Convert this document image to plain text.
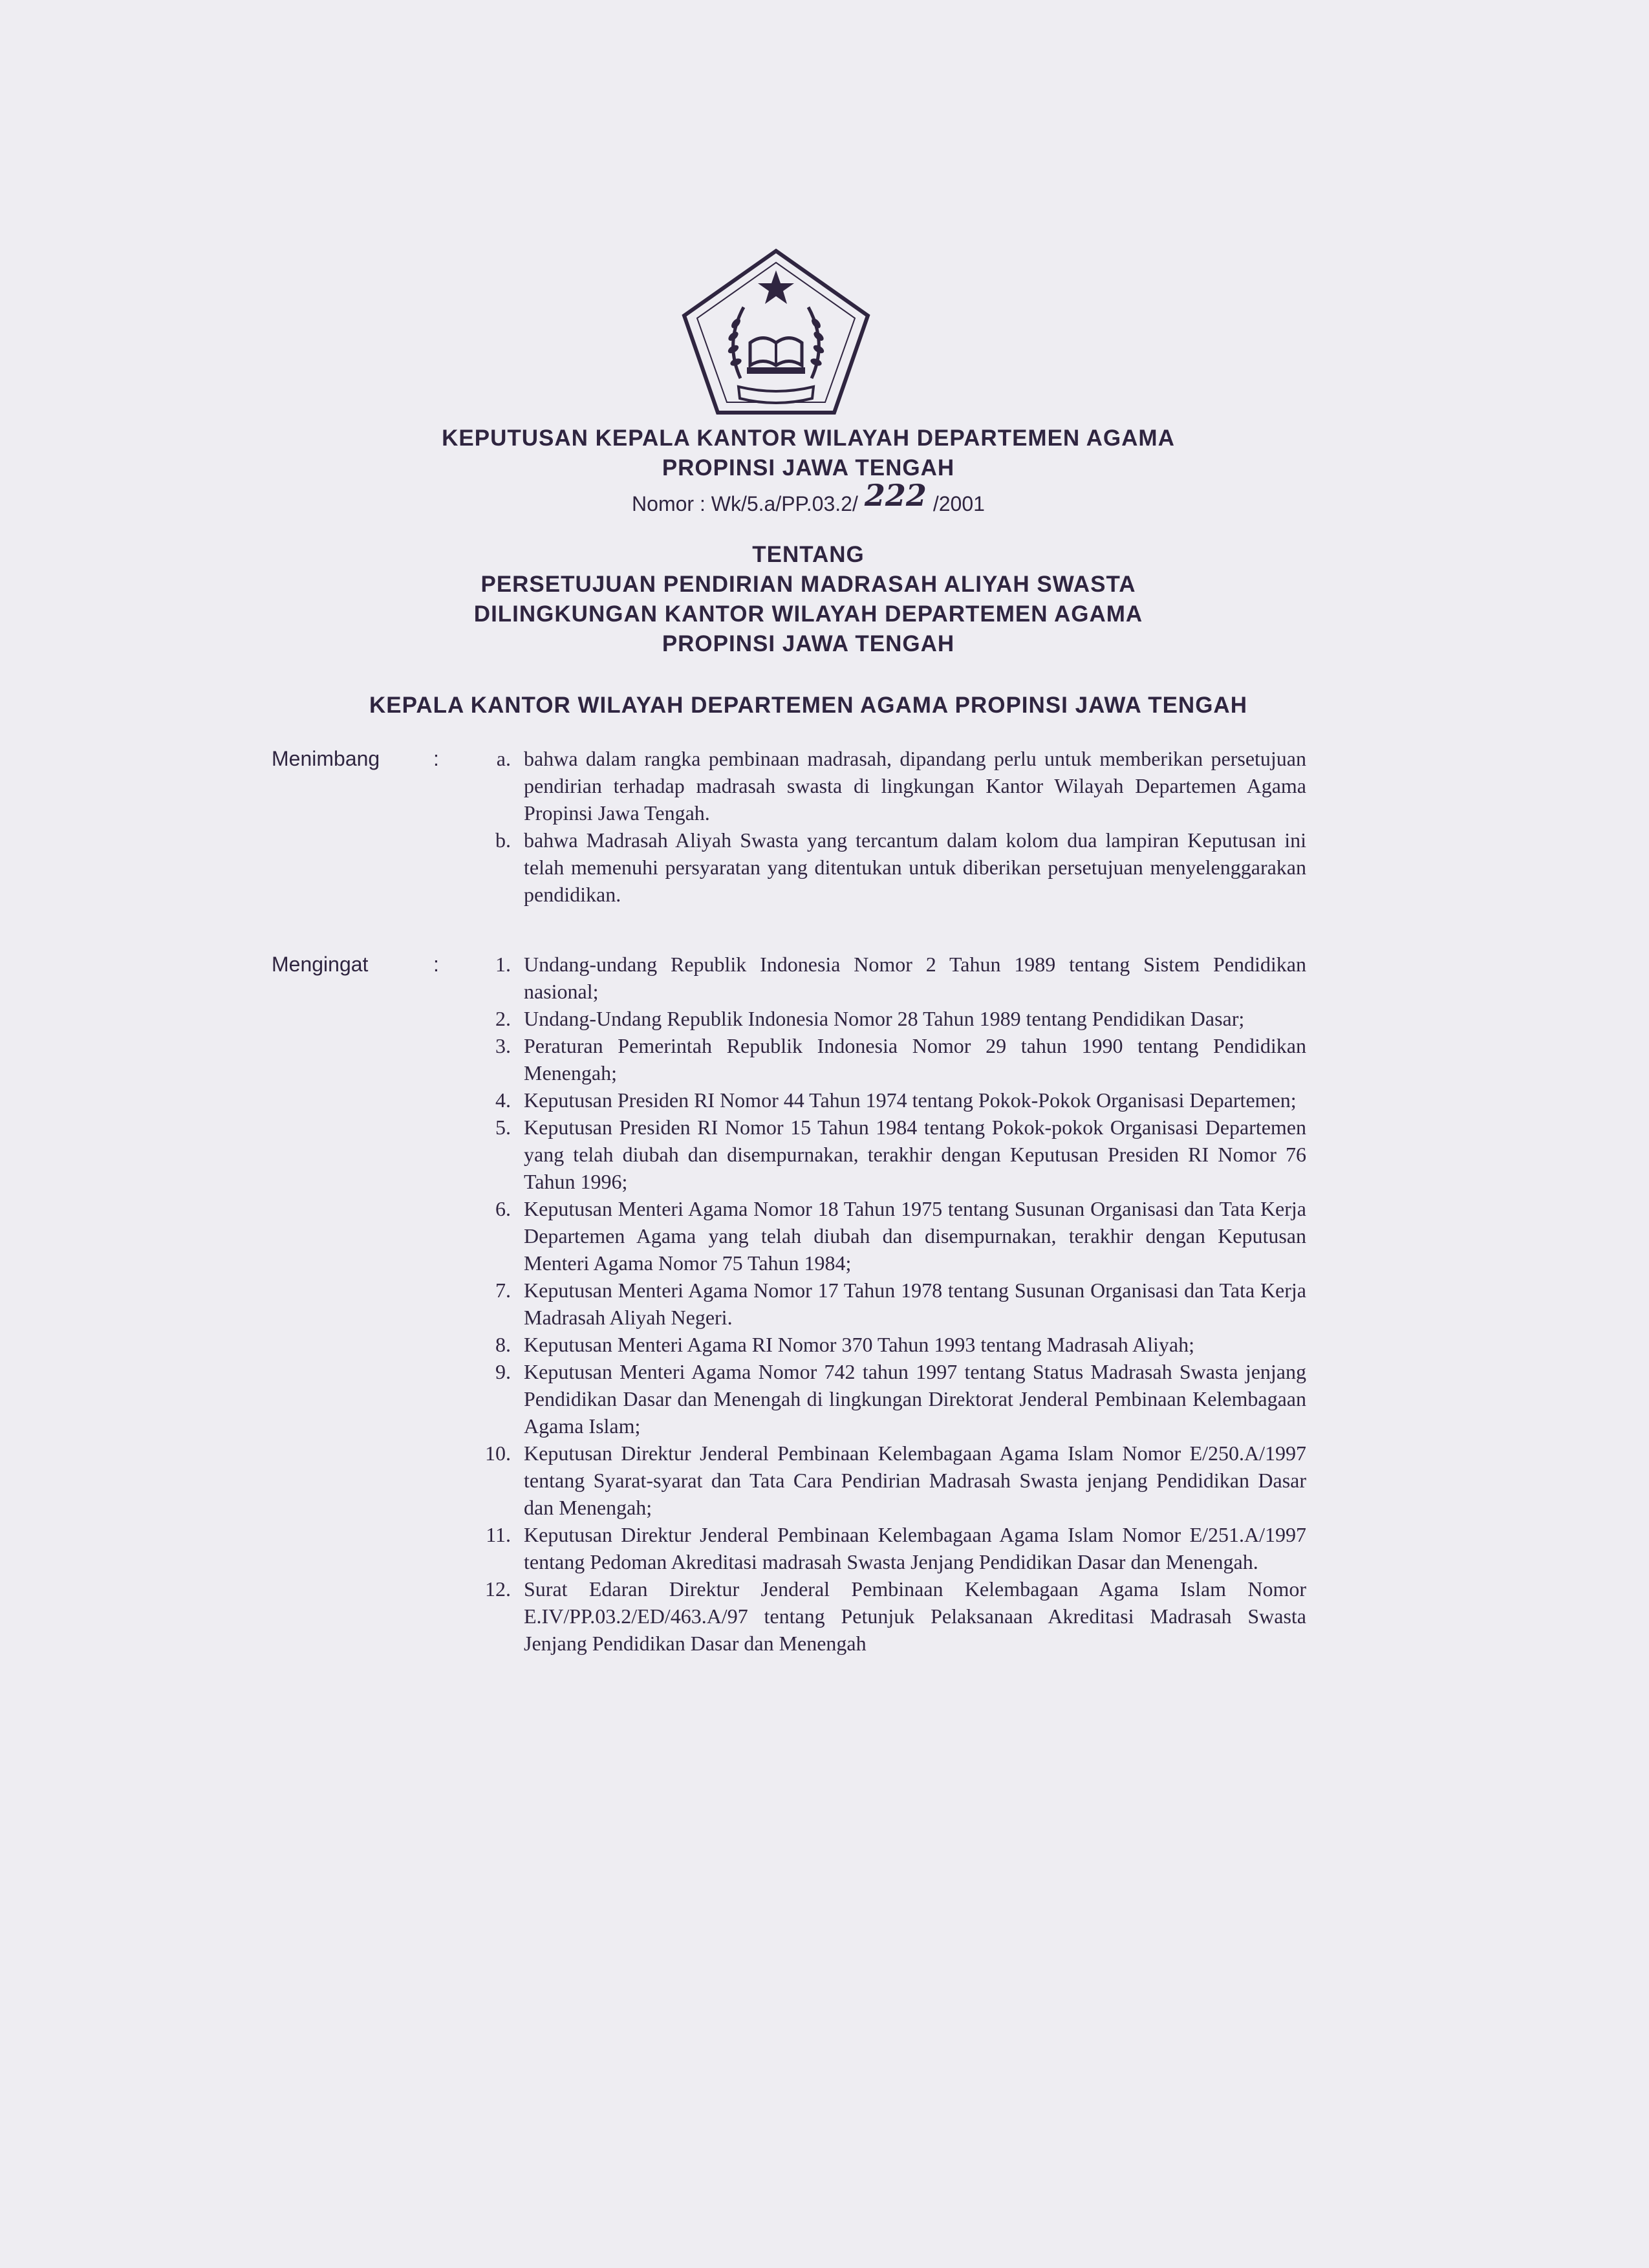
KEPUTUSAN KEPALA KANTOR WILAYAH DEPARTEMEN AGAMA
PROPINSI JAWA TENGAH
Nomor : Wk/5.a/PP.03.2/ 222 /2001
TENTANG
PERSETUJUAN PENDIRIAN MADRASAH ALIYAH SWASTA
DILINGKUNGAN KANTOR WILAYAH DEPARTEMEN AGAMA
PROPINSI JAWA TENGAH
KEPALA KANTOR WILAYAH DEPARTEMEN AGAMA PROPINSI JAWA TENGAH
Menimbang	:	a. bahwa dalam rangka pembinaan madrasah, dipandang perlu untuk memberikan persetujuan pendirian terhadap madrasah swasta di lingkungan Kantor Wilayah Departemen Agama Propinsi Jawa Tengah.
b. bahwa Madrasah Aliyah Swasta yang tercantum dalam kolom dua lampiran Keputusan ini telah memenuhi persyaratan yang ditentukan untuk diberikan persetujuan menyelenggarakan pendidikan.
Mengingat	:	1. Undang-undang Republik Indonesia Nomor 2 Tahun 1989 tentang Sistem Pendidikan nasional;
2. Undang-Undang Republik Indonesia Nomor 28 Tahun 1989 tentang Pendidikan Dasar;
3. Peraturan Pemerintah Republik Indonesia Nomor 29 tahun 1990 tentang Pendidikan Menengah;
4. Keputusan Presiden RI Nomor 44 Tahun 1974 tentang Pokok-Pokok Organisasi Departemen;
5. Keputusan Presiden RI Nomor 15 Tahun 1984 tentang Pokok-pokok Organisasi Departemen yang telah diubah dan disempurnakan, terakhir dengan Keputusan Presiden RI Nomor 76 Tahun 1996;
6. Keputusan Menteri Agama Nomor 18 Tahun 1975 tentang Susunan Organisasi dan Tata Kerja Departemen Agama yang telah diubah dan disempurnakan, terakhir dengan Keputusan Menteri Agama Nomor 75 Tahun 1984;
7. Keputusan Menteri Agama Nomor 17 Tahun 1978 tentang Susunan Organisasi dan Tata Kerja Madrasah Aliyah Negeri.
8. Keputusan Menteri Agama RI Nomor 370 Tahun 1993 tentang Madrasah Aliyah;
9. Keputusan Menteri Agama Nomor 742 tahun 1997 tentang Status Madrasah Swasta jenjang Pendidikan Dasar dan Menengah di lingkungan Direktorat Jenderal Pembinaan Kelembagaan Agama Islam;
10. Keputusan Direktur Jenderal Pembinaan Kelembagaan Agama Islam Nomor E/250.A/1997 tentang Syarat-syarat dan Tata Cara Pendirian Madrasah Swasta jenjang Pendidikan Dasar dan Menengah;
11. Keputusan Direktur Jenderal Pembinaan Kelembagaan Agama Islam Nomor E/251.A/1997 tentang Pedoman Akreditasi madrasah Swasta Jenjang Pendidikan Dasar dan Menengah.
12. Surat Edaran Direktur Jenderal Pembinaan Kelembagaan Agama Islam Nomor E.IV/PP.03.2/ED/463.A/97 tentang Petunjuk Pelaksanaan Akreditasi Madrasah Swasta Jenjang Pendidikan Dasar dan Menengah
